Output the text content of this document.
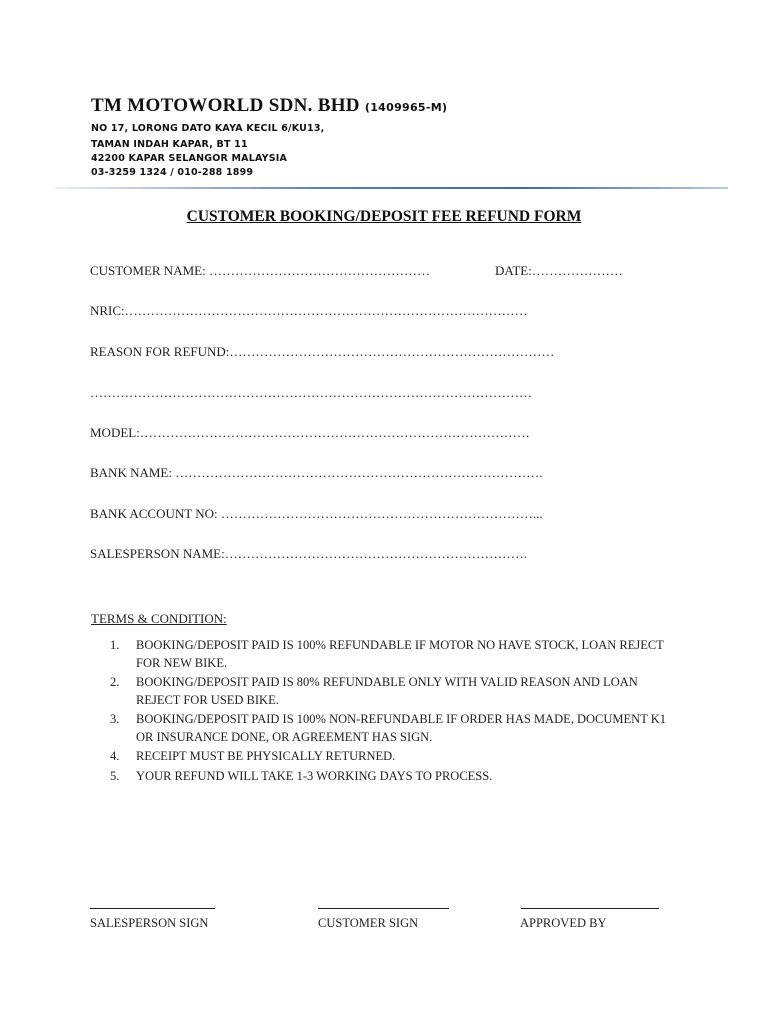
TM MOTOWORLD SDN. BHD (1409965-M)

NO 17, LORONG DATO KAYA KECIL 6/KU13,

TAMAN INDAH KAPAR, BT 11

42200 KAPAR SELANGOR MALAYSIA

03-3259 1324 / 010-288 1899

CUSTOMER BOOKING/DEPOSIT FEE REFUND FORM

CUSTOMER NAME: ……………………………………………	DATE:…………………

NRIC:…………………………………………………………………………………

REASON FOR REFUND:…………………………………………………………………

…………………………………………………………………………………………

MODEL:………………………………………………………………………………

BANK NAME: ………………………………………………………………………….

BANK ACCOUNT NO: ………………………………………………………………...

SALESPERSON NAME:…………………………………………………………….

TERMS & CONDITION:

1. BOOKING/DEPOSIT PAID IS 100% REFUNDABLE IF MOTOR NO HAVE STOCK, LOAN REJECT FOR NEW BIKE.
2. BOOKING/DEPOSIT PAID IS 80% REFUNDABLE ONLY WITH VALID REASON AND LOAN REJECT FOR USED BIKE.
3. BOOKING/DEPOSIT PAID IS 100% NON-REFUNDABLE IF ORDER HAS MADE, DOCUMENT K1 OR INSURANCE DONE, OR AGREEMENT HAS SIGN.
4. RECEIPT MUST BE PHYSICALLY RETURNED.
5. YOUR REFUND WILL TAKE 1-3 WORKING DAYS TO PROCESS.

SALESPERSON SIGN	CUSTOMER SIGN	APPROVED BY
